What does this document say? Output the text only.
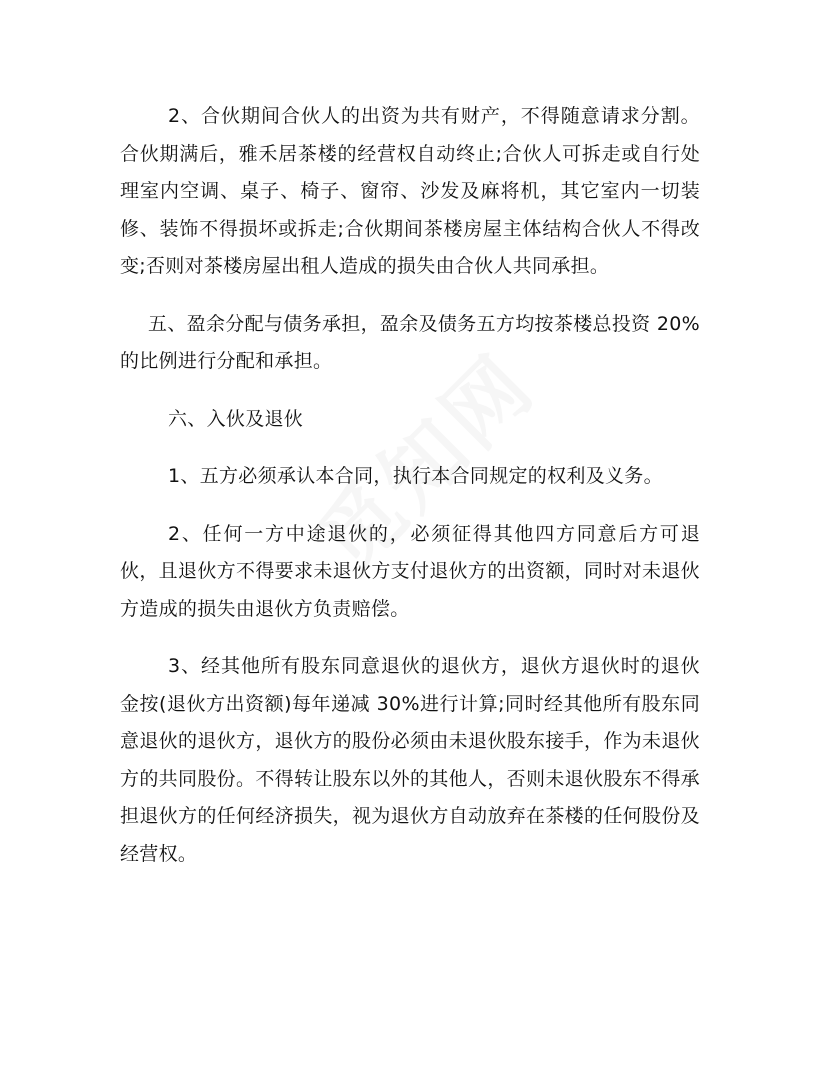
2、合伙期间合伙人的出资为共有财产，不得随意请求分割。合伙期满后，雅禾居茶楼的经营权自动终止;合伙人可拆走或自行处理室内空调、桌子、椅子、窗帘、沙发及麻将机，其它室内一切装修、装饰不得损坏或拆走;合伙期间茶楼房屋主体结构合伙人不得改变;否则对茶楼房屋出租人造成的损失由合伙人共同承担。

五、盈余分配与债务承担，盈余及债务五方均按茶楼总投资 20%的比例进行分配和承担。

六、入伙及退伙

1、五方必须承认本合同，执行本合同规定的权利及义务。

2、任何一方中途退伙的，必须征得其他四方同意后方可退伙，且退伙方不得要求未退伙方支付退伙方的出资额，同时对未退伙方造成的损失由退伙方负责赔偿。

3、经其他所有股东同意退伙的退伙方，退伙方退伙时的退伙金按(退伙方出资额)每年递减 30%进行计算;同时经其他所有股东同意退伙的退伙方，退伙方的股份必须由未退伙股东接手，作为未退伙方的共同股份。不得转让股东以外的其他人，否则未退伙股东不得承担退伙方的任何经济损失，视为退伙方自动放弃在茶楼的任何股份及经营权。
